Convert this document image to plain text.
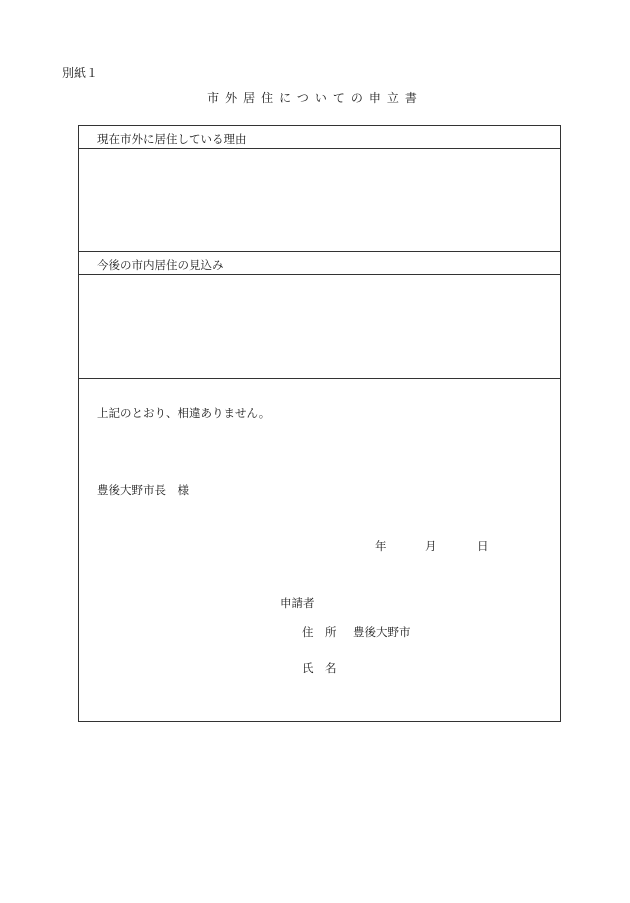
別紙１
市外居住についての申立書
現在市外に居住している理由
今後の市内居住の見込み
上記のとおり、相違ありません。
豊後大野市長　様
年	月	日
申請者
住　所 豊後大野市
氏　名
